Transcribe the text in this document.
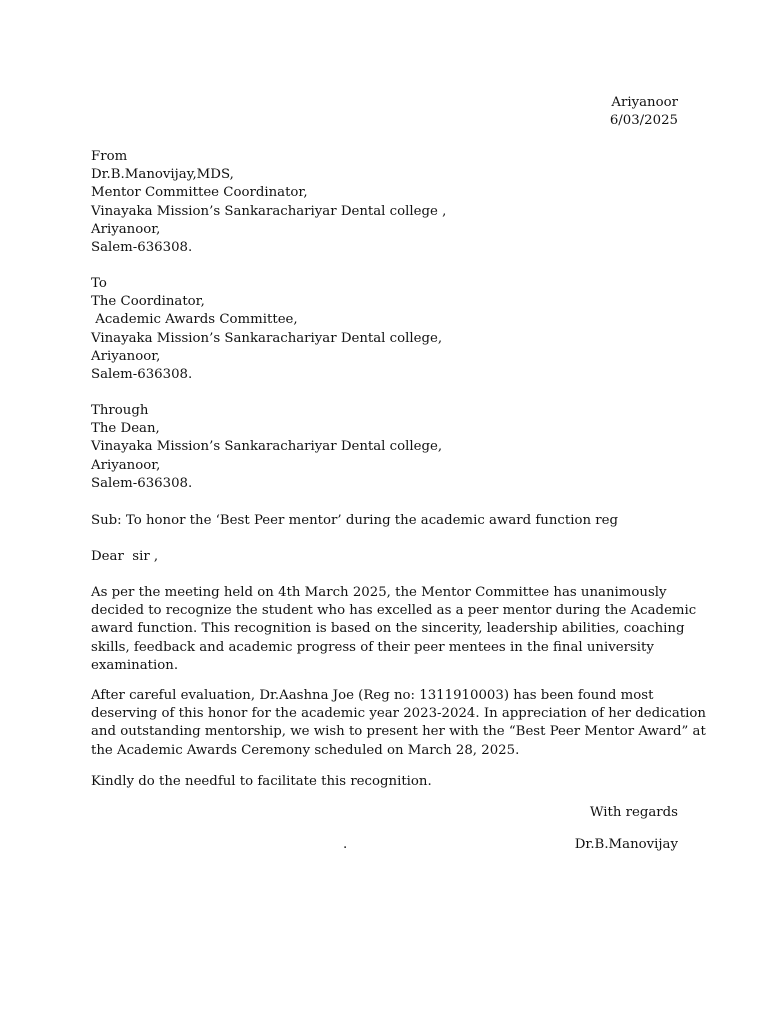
Ariyanoor
6/03/2025
From
Dr.B.Manovijay,MDS,
Mentor Committee Coordinator,
Vinayaka Mission’s Sankarachariyar Dental college ,
Ariyanoor,
Salem-636308.
To
The Coordinator,
Academic Awards Committee,
Vinayaka Mission’s Sankarachariyar Dental college,
Ariyanoor,
Salem-636308.
Through
The Dean,
Vinayaka Mission’s Sankarachariyar Dental college,
Ariyanoor,
Salem-636308.
Sub: To honor the ‘Best Peer mentor’ during the academic award function reg
Dear  sir ,
As per the meeting held on 4th March 2025, the Mentor Committee has unanimously
decided to recognize the student who has excelled as a peer mentor during the Academic
award function. This recognition is based on the sincerity, leadership abilities, coaching
skills, feedback and academic progress of their peer mentees in the final university
examination.
After careful evaluation, Dr.Aashna Joe (Reg no: 1311910003) has been found most
deserving of this honor for the academic year 2023-2024. In appreciation of her dedication
and outstanding mentorship, we wish to present her with the “Best Peer Mentor Award” at
the Academic Awards Ceremony scheduled on March 28, 2025.
Kindly do the needful to facilitate this recognition.
With regards
.	Dr.B.Manovijay
